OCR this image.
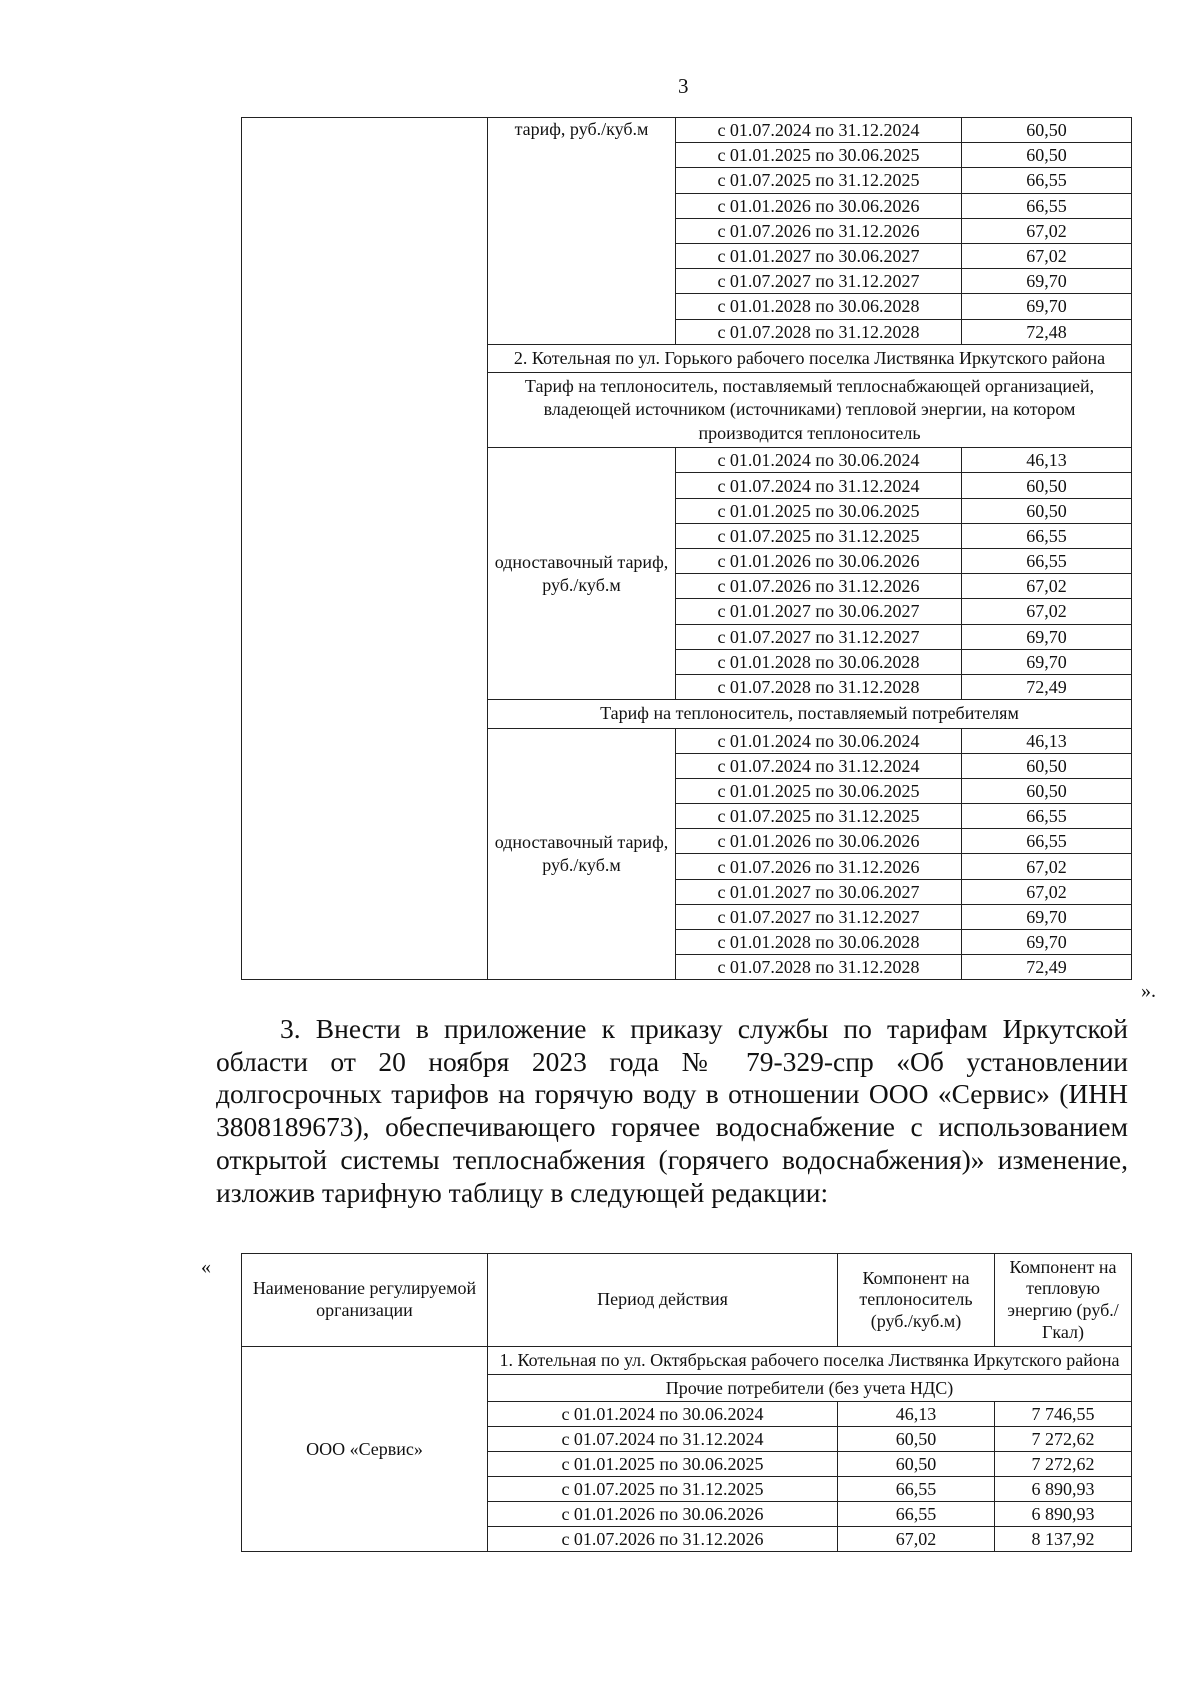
3
	тариф, руб./куб.м	с 01.07.2024 по 31.12.2024	60,50
		с 01.01.2025 по 30.06.2025	60,50
		с 01.07.2025 по 31.12.2025	66,55
		с 01.01.2026 по 30.06.2026	66,55
		с 01.07.2026 по 31.12.2026	67,02
		с 01.01.2027 по 30.06.2027	67,02
		с 01.07.2027 по 31.12.2027	69,70
		с 01.01.2028 по 30.06.2028	69,70
		с 01.07.2028 по 31.12.2028	72,48
	2. Котельная по ул. Горького рабочего поселка Листвянка Иркутского района		
	Тариф на теплоноситель, поставляемый теплоснабжающей организацией, владеющей источником (источниками) тепловой энергии, на котором производится теплоноситель		
	одноставочный тариф, руб./куб.м	с 01.01.2024 по 30.06.2024	46,13
		с 01.07.2024 по 31.12.2024	60,50
		с 01.01.2025 по 30.06.2025	60,50
		с 01.07.2025 по 31.12.2025	66,55
		с 01.01.2026 по 30.06.2026	66,55
		с 01.07.2026 по 31.12.2026	67,02
		с 01.01.2027 по 30.06.2027	67,02
		с 01.07.2027 по 31.12.2027	69,70
		с 01.01.2028 по 30.06.2028	69,70
		с 01.07.2028 по 31.12.2028	72,49
	Тариф на теплоноситель, поставляемый потребителям		
	одноставочный тариф, руб./куб.м	с 01.01.2024 по 30.06.2024	46,13
		с 01.07.2024 по 31.12.2024	60,50
		с 01.01.2025 по 30.06.2025	60,50
		с 01.07.2025 по 31.12.2025	66,55
		с 01.01.2026 по 30.06.2026	66,55
		с 01.07.2026 по 31.12.2026	67,02
		с 01.01.2027 по 30.06.2027	67,02
		с 01.07.2027 по 31.12.2027	69,70
		с 01.01.2028 по 30.06.2028	69,70
		с 01.07.2028 по 31.12.2028	72,49
».
3. Внести в приложение к приказу службы по тарифам Иркутской области от 20 ноября 2023 года № 79-329-спр «Об установлении долгосрочных тарифов на горячую воду в отношении ООО «Сервис» (ИНН 3808189673), обеспечивающего горячее водоснабжение с использованием открытой системы теплоснабжения (горячего водоснабжения)» изменение, изложив тарифную таблицу в следующей редакции:
«
Наименование регулируемой организации	Период действия	Компонент на теплоноситель (руб./куб.м)	Компонент на тепловую энергию (руб./Гкал)
ООО «Сервис»	1. Котельная по ул. Октябрьская рабочего поселка Листвянка Иркутского района		
	Прочие потребители (без учета НДС)		
	с 01.01.2024 по 30.06.2024	46,13	7 746,55
	с 01.07.2024 по 31.12.2024	60,50	7 272,62
	с 01.01.2025 по 30.06.2025	60,50	7 272,62
	с 01.07.2025 по 31.12.2025	66,55	6 890,93
	с 01.01.2026 по 30.06.2026	66,55	6 890,93
	с 01.07.2026 по 31.12.2026	67,02	8 137,92
